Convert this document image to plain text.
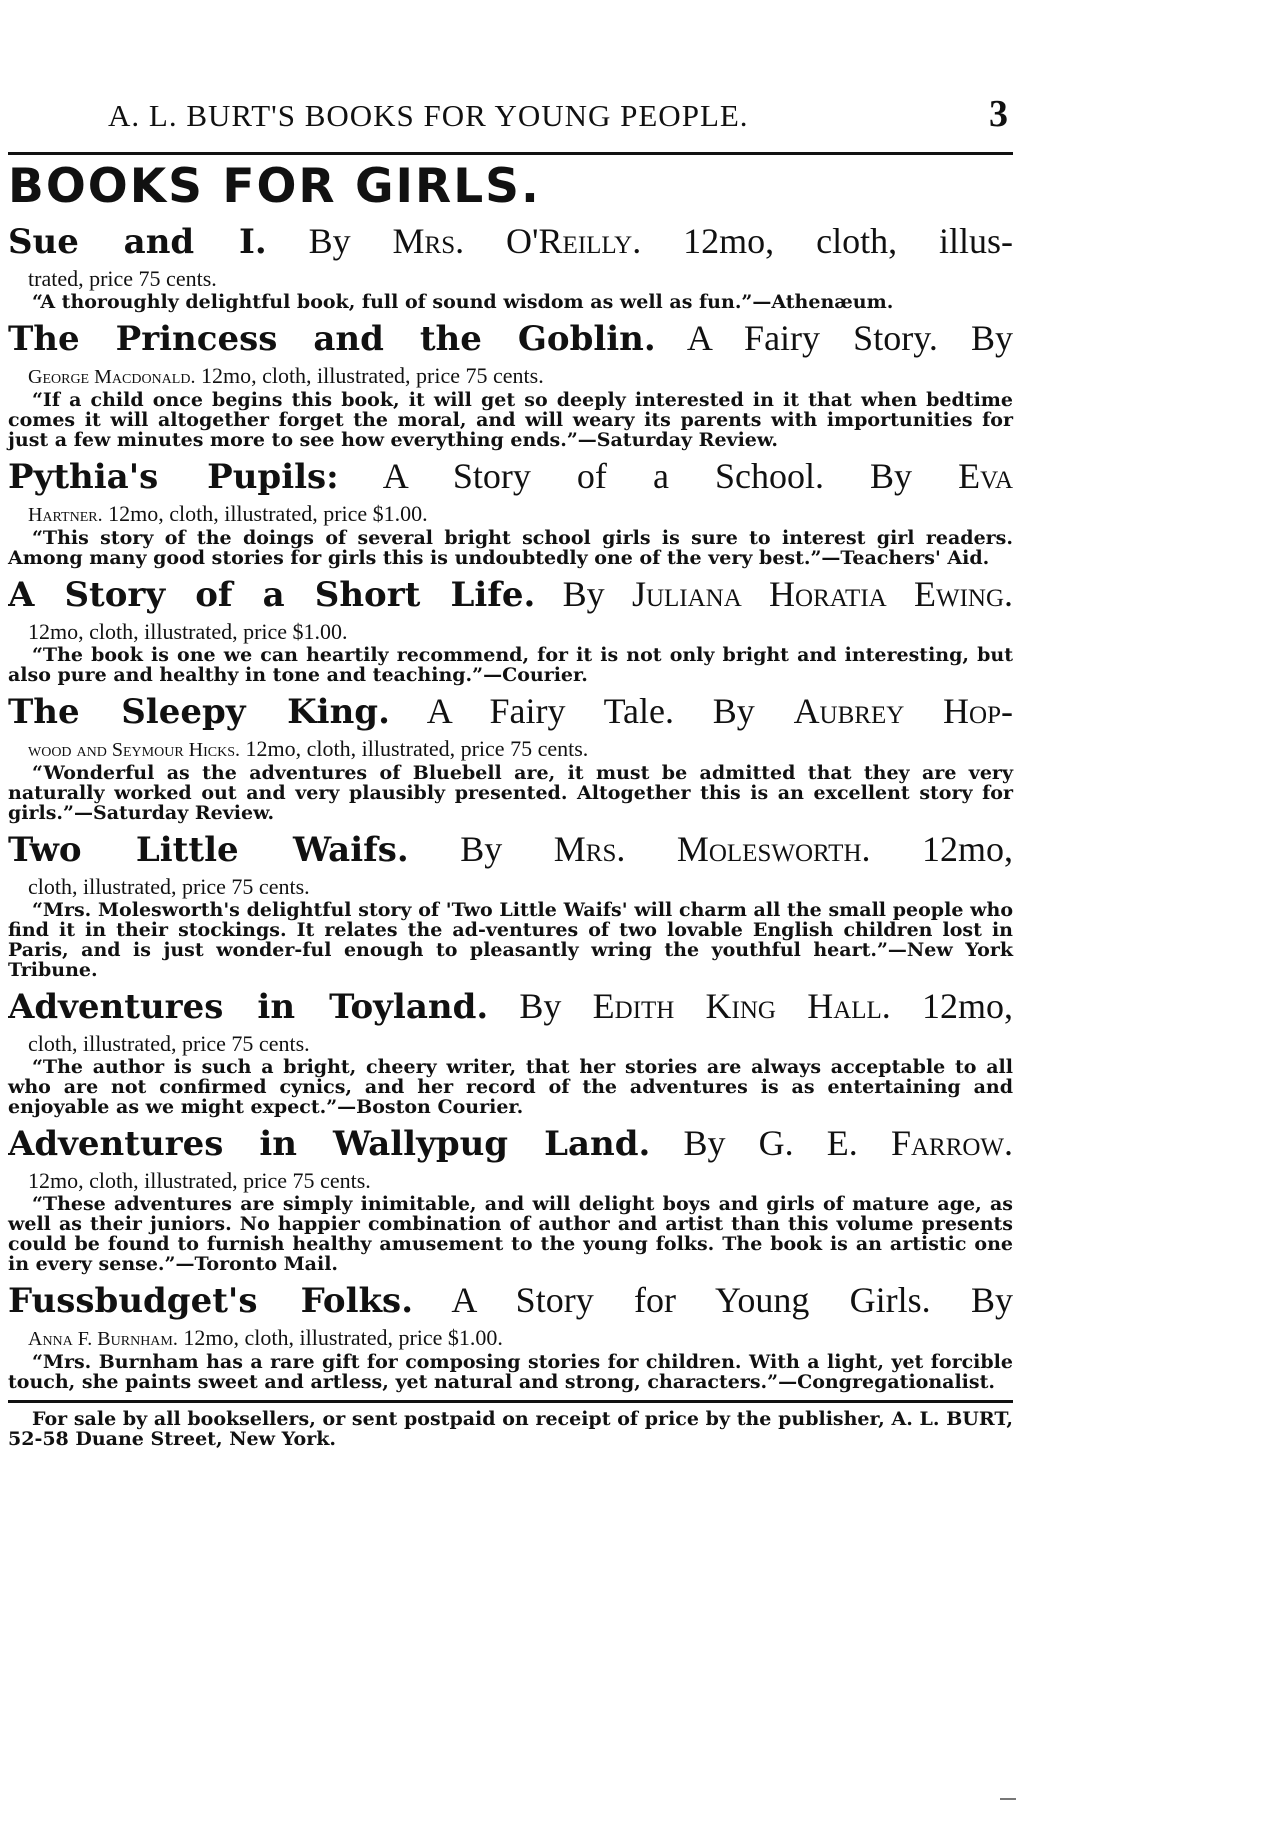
A. L. BURT'S BOOKS FOR YOUNG PEOPLE.	3
BOOKS FOR GIRLS.
Sue and I. By Mrs. O'Reilly. 12mo, cloth, illus-
trated, price 75 cents.
“A thoroughly delightful book, full of sound wisdom as well as fun.”—Athenæum.
The Princess and the Goblin. A Fairy Story. By
George Macdonald. 12mo, cloth, illustrated, price 75 cents.
“If a child once begins this book, it will get so deeply interested in it that when bedtime comes it will altogether forget the moral, and will weary its parents with importunities for just a few minutes more to see how everything ends.”—Saturday Review.
Pythia's Pupils: A Story of a School. By Eva
Hartner. 12mo, cloth, illustrated, price $1.00.
“This story of the doings of several bright school girls is sure to interest girl readers. Among many good stories for girls this is undoubtedly one of the very best.”—Teachers' Aid.
A Story of a Short Life. By Juliana Horatia Ewing.
12mo, cloth, illustrated, price $1.00.
“The book is one we can heartily recommend, for it is not only bright and interesting, but also pure and healthy in tone and teaching.”—Courier.
The Sleepy King. A Fairy Tale. By Aubrey Hop-
wood and Seymour Hicks. 12mo, cloth, illustrated, price 75 cents.
“Wonderful as the adventures of Bluebell are, it must be admitted that they are very naturally worked out and very plausibly presented. Altogether this is an excellent story for girls.”—Saturday Review.
Two Little Waifs. By Mrs. Molesworth. 12mo,
cloth, illustrated, price 75 cents.
“Mrs. Molesworth's delightful story of 'Two Little Waifs' will charm all the small people who find it in their stockings. It relates the ad-ventures of two lovable English children lost in Paris, and is just wonder-ful enough to pleasantly wring the youthful heart.”—New York Tribune.
Adventures in Toyland. By Edith King Hall. 12mo,
cloth, illustrated, price 75 cents.
“The author is such a bright, cheery writer, that her stories are always acceptable to all who are not confirmed cynics, and her record of the adventures is as entertaining and enjoyable as we might expect.”—Boston Courier.
Adventures in Wallypug Land. By G. E. Farrow.
12mo, cloth, illustrated, price 75 cents.
“These adventures are simply inimitable, and will delight boys and girls of mature age, as well as their juniors. No happier combination of author and artist than this volume presents could be found to furnish healthy amusement to the young folks. The book is an artistic one in every sense.”—Toronto Mail.
Fussbudget's Folks. A Story for Young Girls. By
Anna F. Burnham. 12mo, cloth, illustrated, price $1.00.
“Mrs. Burnham has a rare gift for composing stories for children. With a light, yet forcible touch, she paints sweet and artless, yet natural and strong, characters.”—Congregationalist.
For sale by all booksellers, or sent postpaid on receipt of price by the publisher, A. L. BURT, 52-58 Duane Street, New York.
